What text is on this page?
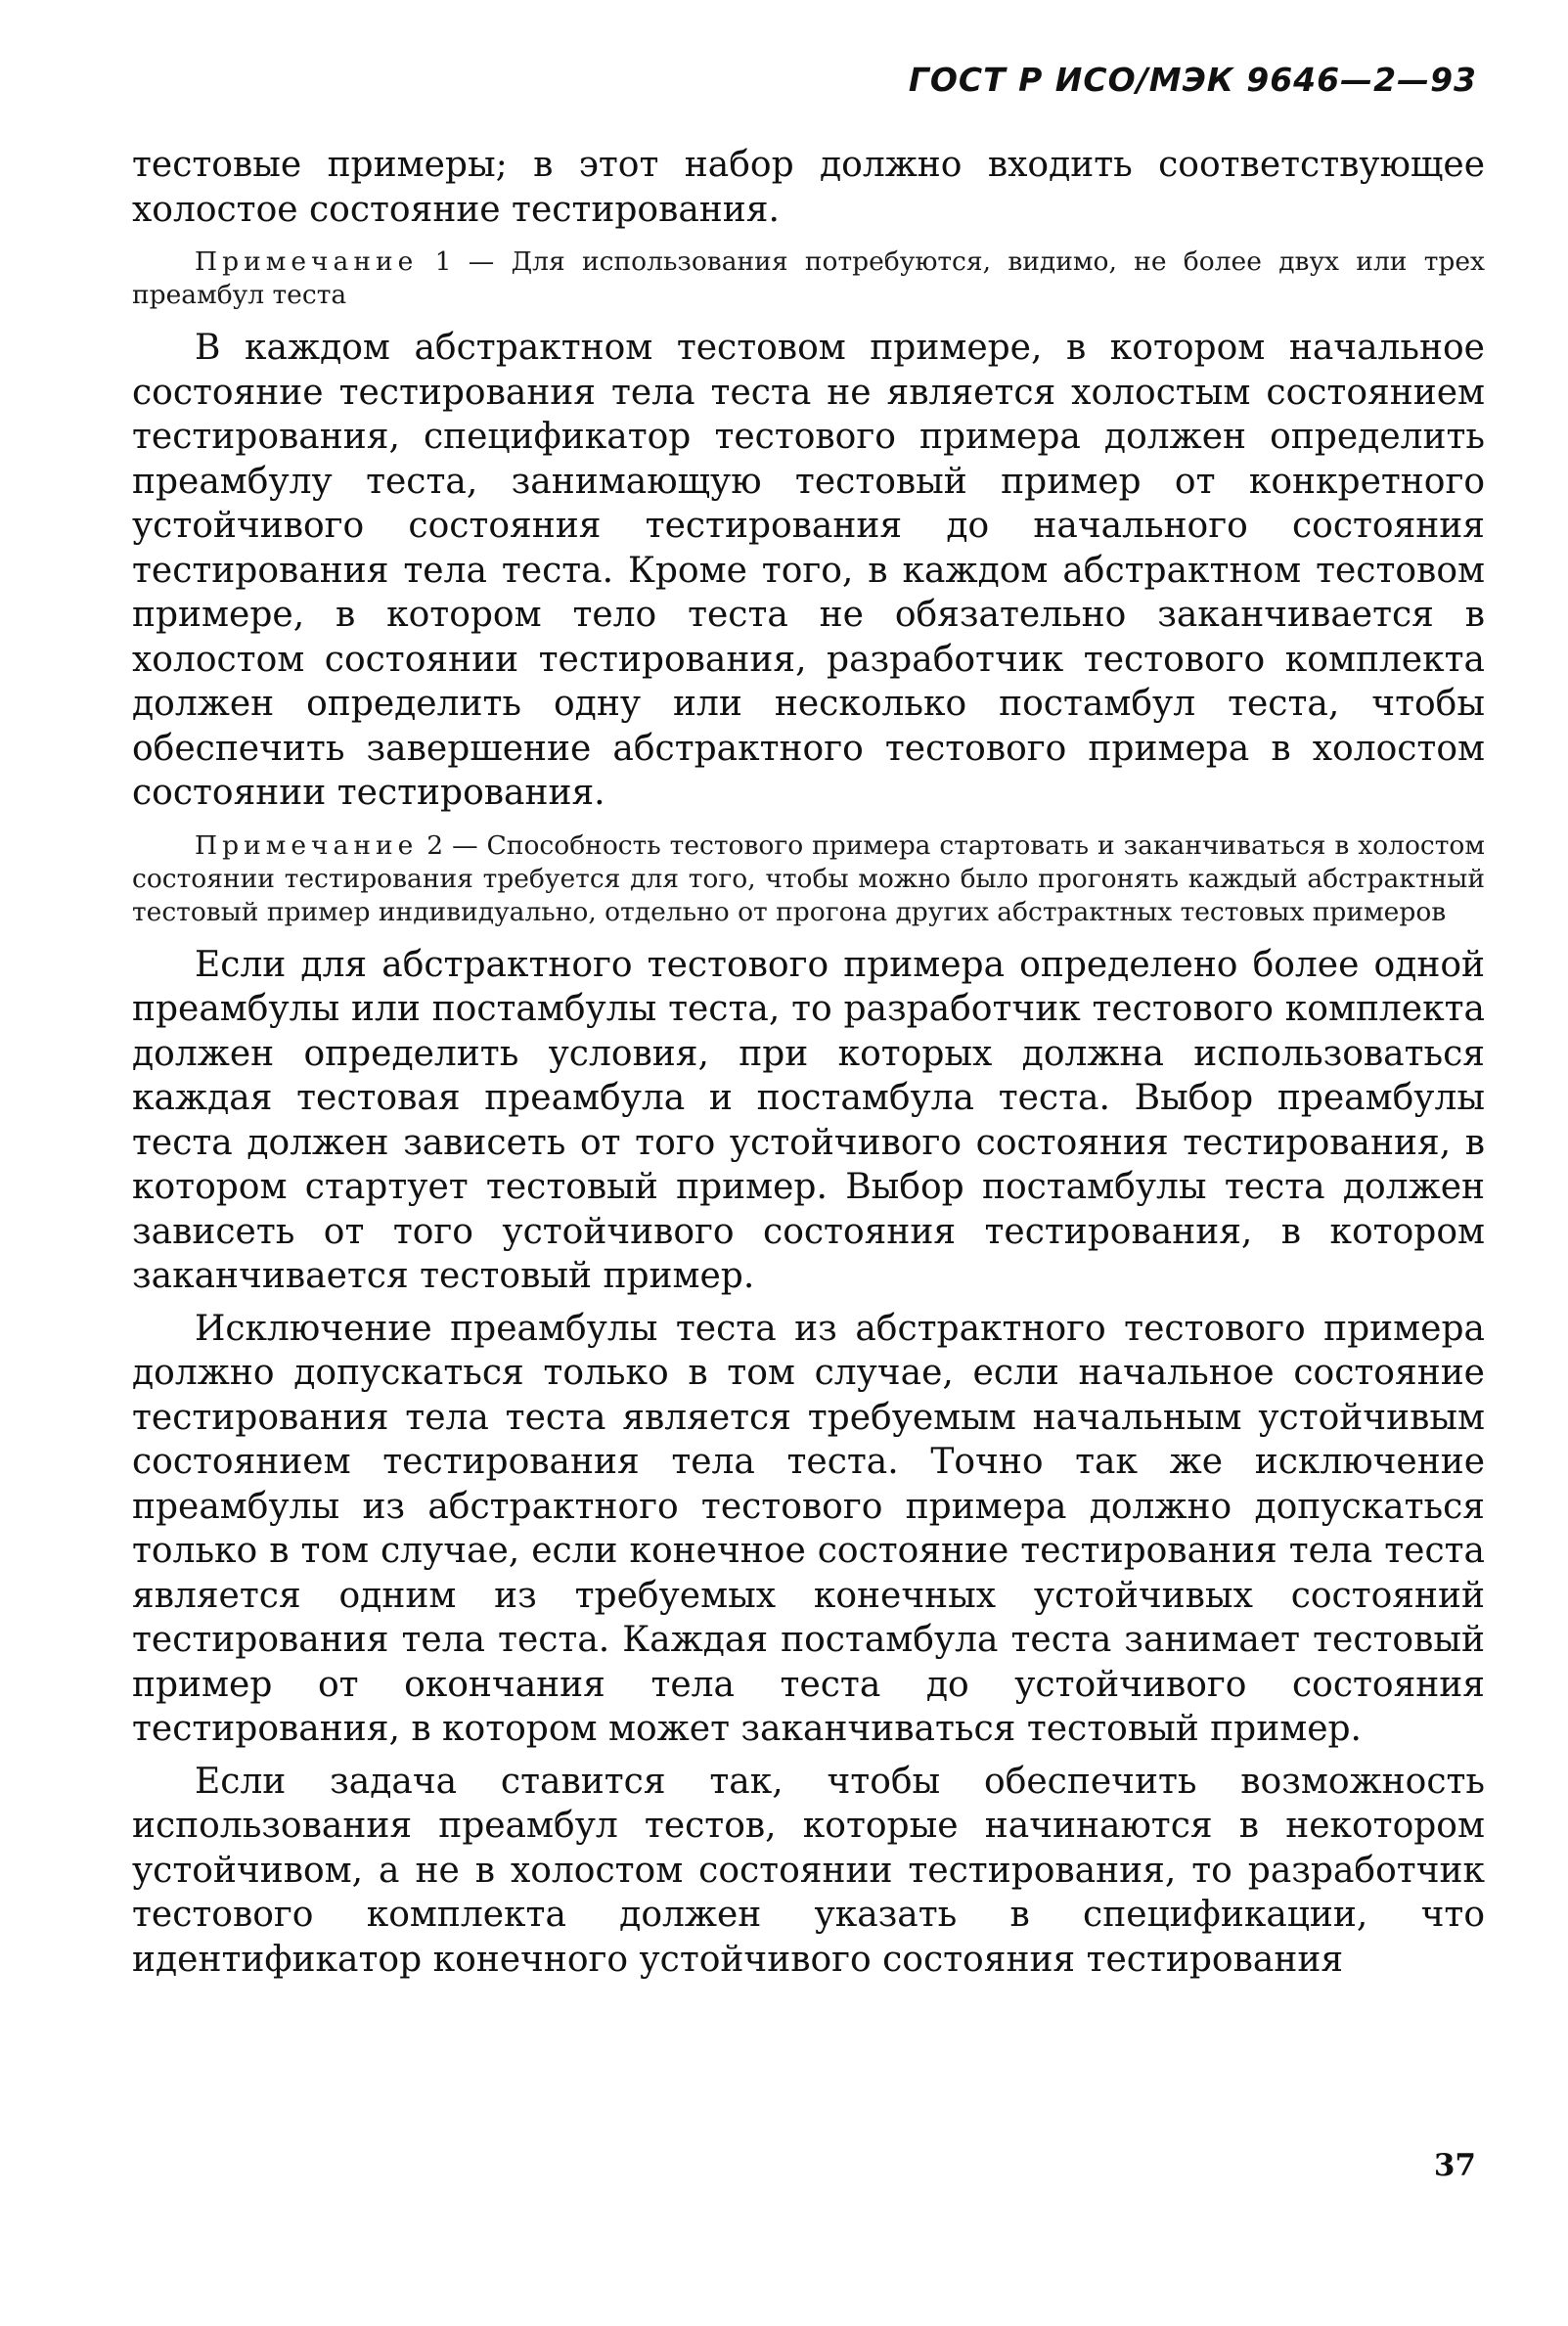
ГОСТ Р ИСО/МЭК 9646—2—93

тестовые примеры; в этот набор должно входить соответствующее холостое состояние тестирования.

Примечание 1 — Для использования потребуются, видимо, не более двух или трех преамбул теста

В каждом абстрактном тестовом примере, в котором начальное состояние тестирования тела теста не является холостым состоянием тестирования, спецификатор тестового примера должен определить преамбулу теста, занимающую тестовый пример от конкретного устойчивого состояния тестирования до начального состояния тестирования тела теста. Кроме того, в каждом абстрактном тестовом примере, в котором тело теста не обязательно заканчивается в холостом состоянии тестирования, разработчик тестового комплекта должен определить одну или несколько постамбул теста, чтобы обеспечить завершение абстрактного тестового примера в холостом состоянии тестирования.

Примечание 2 — Способность тестового примера стартовать и заканчиваться в холостом состоянии тестирования требуется для того, чтобы можно было прогонять каждый абстрактный тестовый пример индивидуально, отдельно от прогона других абстрактных тестовых примеров

Если для абстрактного тестового примера определено более одной преамбулы или постамбулы теста, то разработчик тестового комплекта должен определить условия, при которых должна использоваться каждая тестовая преамбула и постамбула теста. Выбор преамбулы теста должен зависеть от того устойчивого состояния тестирования, в котором стартует тестовый пример. Выбор постамбулы теста должен зависеть от того устойчивого состояния тестирования, в котором заканчивается тестовый пример.

Исключение преамбулы теста из абстрактного тестового примера должно допускаться только в том случае, если начальное состояние тестирования тела теста является требуемым начальным устойчивым состоянием тестирования тела теста. Точно так же исключение преамбулы из абстрактного тестового примера должно допускаться только в том случае, если конечное состояние тестирования тела теста является одним из требуемых конечных устойчивых состояний тестирования тела теста. Каждая постамбула теста занимает тестовый пример от окончания тела теста до устойчивого состояния тестирования, в котором может заканчиваться тестовый пример.

Если задача ставится так, чтобы обеспечить возможность использования преамбул тестов, которые начинаются в некотором устойчивом, а не в холостом состоянии тестирования, то разработчик тестового комплекта должен указать в спецификации, что идентификатор конечного устойчивого состояния тестирования

37
